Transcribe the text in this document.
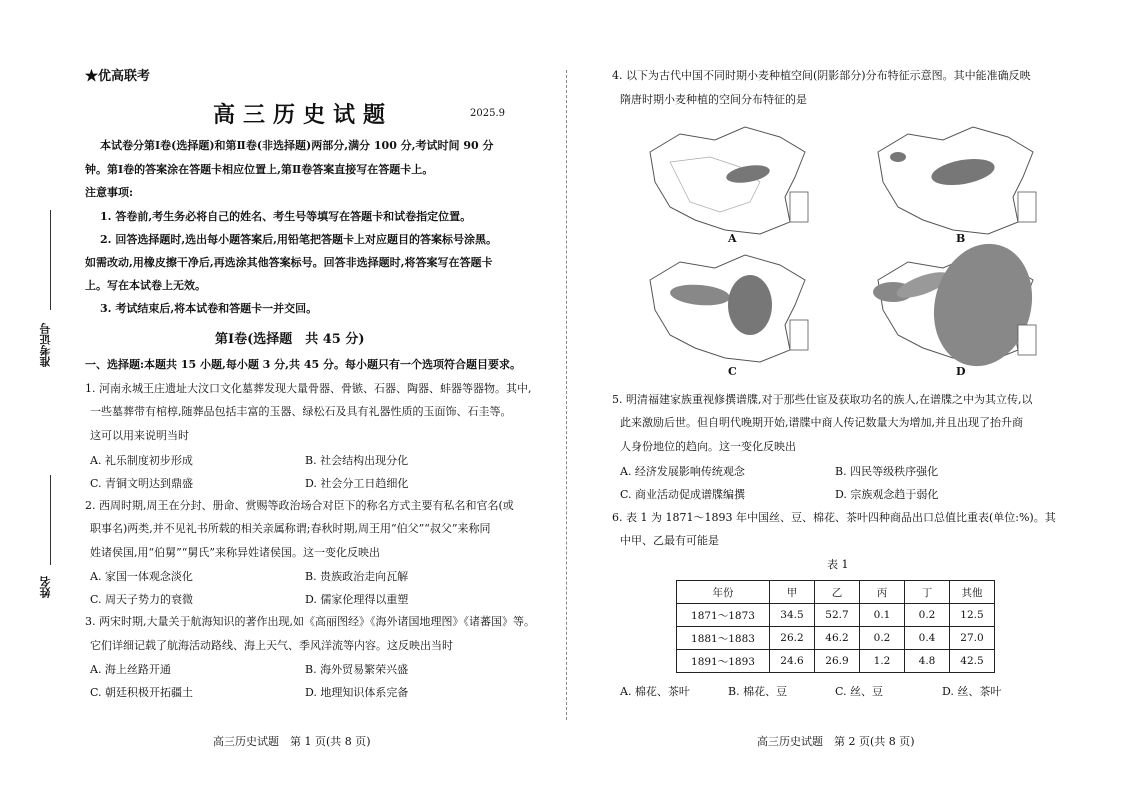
★优高联考
高三历史试题	2025.9
本试卷分第Ⅰ卷(选择题)和第Ⅱ卷(非选择题)两部分,满分 100 分,考试时间 90 分
钟。第Ⅰ卷的答案涂在答题卡相应位置上,第Ⅱ卷答案直接写在答题卡上。
注意事项:
1. 答卷前,考生务必将自己的姓名、考生号等填写在答题卡和试卷指定位置。
2. 回答选择题时,选出每小题答案后,用铅笔把答题卡上对应题目的答案标号涂黑。
如需改动,用橡皮擦干净后,再选涂其他答案标号。回答非选择题时,将答案写在答题卡
上。写在本试卷上无效。
3. 考试结束后,将本试卷和答题卡一并交回。
第Ⅰ卷(选择题　共 45 分)
一、选择题:本题共 15 小题,每小题 3 分,共 45 分。每小题只有一个选项符合题目要求。
1. 河南永城王庄遗址大汶口文化墓葬发现大量骨器、骨镞、石器、陶器、蚌器等器物。其中,
一些墓葬带有棺椁,随葬品包括丰富的玉器、绿松石及具有礼器性质的玉面饰、石圭等。
这可以用来说明当时
A. 礼乐制度初步形成	B. 社会结构出现分化
C. 青铜文明达到鼎盛	D. 社会分工日趋细化
2. 西周时期,周王在分封、册命、赏赐等政治场合对臣下的称名方式主要有私名和官名(或
职事名)两类,并不见礼书所载的相关亲属称谓;春秋时期,周王用“伯父”“叔父”来称同
姓诸侯国,用“伯舅”“舅氏”来称异姓诸侯国。这一变化反映出
A. 家国一体观念淡化	B. 贵族政治走向瓦解
C. 周天子势力的衰微	D. 儒家伦理得以重塑
3. 两宋时期,大量关于航海知识的著作出现,如《高丽图经》《海外诸国地理图》《诸蕃国》等。
它们详细记载了航海活动路线、海上天气、季风洋流等内容。这反映出当时
A. 海上丝路开通	B. 海外贸易繁荣兴盛
C. 朝廷积极开拓疆土	D. 地理知识体系完备
准考证号
姓名
高三历史试题　第 1 页(共 8 页)
4. 以下为古代中国不同时期小麦种植空间(阴影部分)分布特征示意图。其中能准确反映
隋唐时期小麦种植的空间分布特征的是
A	B
C	D
5. 明清福建家族重视修撰谱牒,对于那些仕宦及获取功名的族人,在谱牒之中为其立传,以
此来激励后世。但自明代晚期开始,谱牒中商人传记数量大为增加,并且出现了抬升商
人身份地位的趋向。这一变化反映出
A. 经济发展影响传统观念	B. 四民等级秩序强化
C. 商业活动促成谱牒编撰	D. 宗族观念趋于弱化
6. 表 1 为 1871～1893 年中国丝、豆、棉花、茶叶四种商品出口总值比重表(单位:%)。其
中甲、乙最有可能是
表 1
年份	甲	乙	丙	丁	其他
1871～1873	34.5	52.7	0.1	0.2	12.5
1881～1883	26.2	46.2	0.2	0.4	27.0
1891～1893	24.6	26.9	1.2	4.8	42.5
A. 棉花、茶叶	B. 棉花、豆	C. 丝、豆	D. 丝、茶叶
高三历史试题　第 2 页(共 8 页)
